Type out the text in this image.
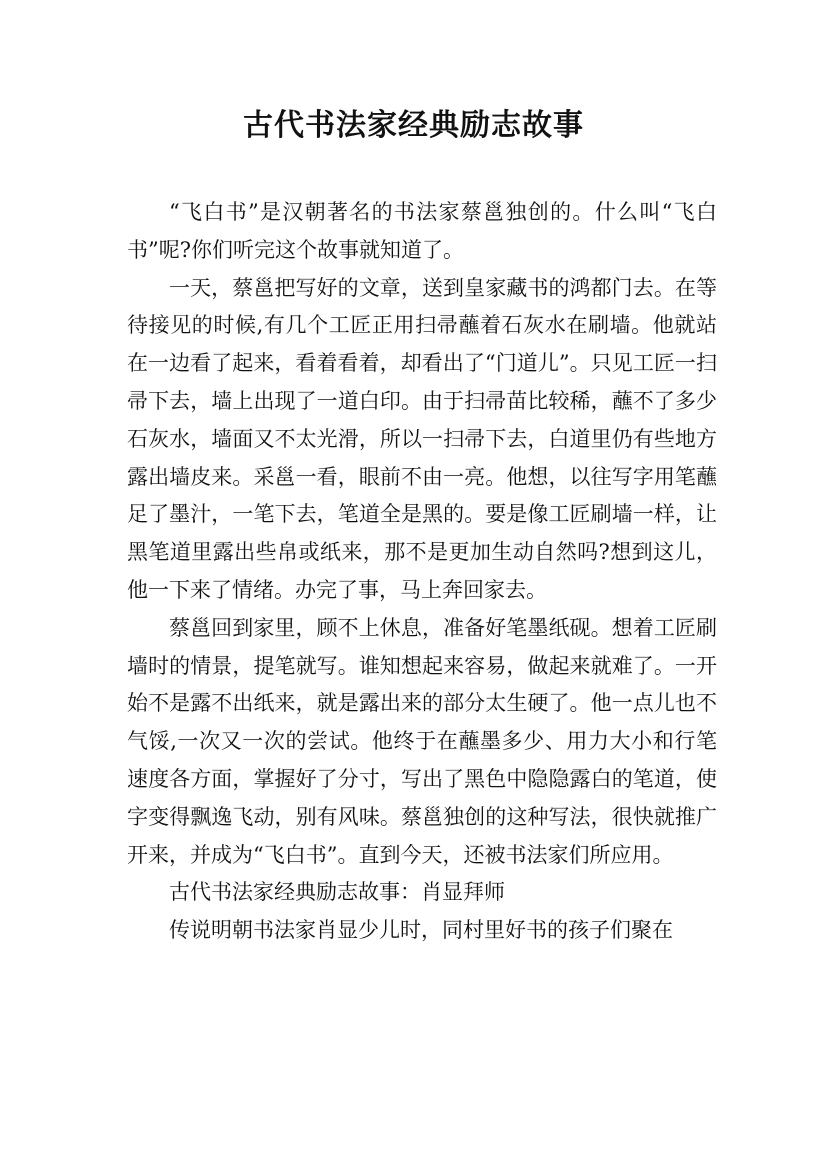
古代书法家经典励志故事

“飞白书”是汉朝著名的书法家蔡邕独创的。什么叫“飞白书”呢?你们听完这个故事就知道了。

一天，蔡邕把写好的文章，送到皇家藏书的鸿都门去。在等待接见的时候,有几个工匠正用扫帚蘸着石灰水在刷墙。他就站在一边看了起来，看着看着，却看出了“门道儿”。只见工匠一扫帚下去，墙上出现了一道白印。由于扫帚苗比较稀，蘸不了多少石灰水，墙面又不太光滑，所以一扫帚下去，白道里仍有些地方露出墙皮来。采邕一看，眼前不由一亮。他想，以往写字用笔蘸足了墨汁，一笔下去，笔道全是黑的。要是像工匠刷墙一样，让黑笔道里露出些帛或纸来，那不是更加生动自然吗?想到这儿，他一下来了情绪。办完了事，马上奔回家去。

蔡邕回到家里，顾不上休息，准备好笔墨纸砚。想着工匠刷墙时的情景，提笔就写。谁知想起来容易，做起来就难了。一开始不是露不出纸来，就是露出来的部分太生硬了。他一点儿也不气馁,一次又一次的尝试。他终于在蘸墨多少、用力大小和行笔速度各方面，掌握好了分寸，写出了黑色中隐隐露白的笔道，使字变得飘逸飞动，别有风味。蔡邕独创的这种写法，很快就推广开来，并成为“飞白书”。直到今天，还被书法家们所应用。

古代书法家经典励志故事：肖显拜师

传说明朝书法家肖显少儿时，同村里好书的孩子们聚在
